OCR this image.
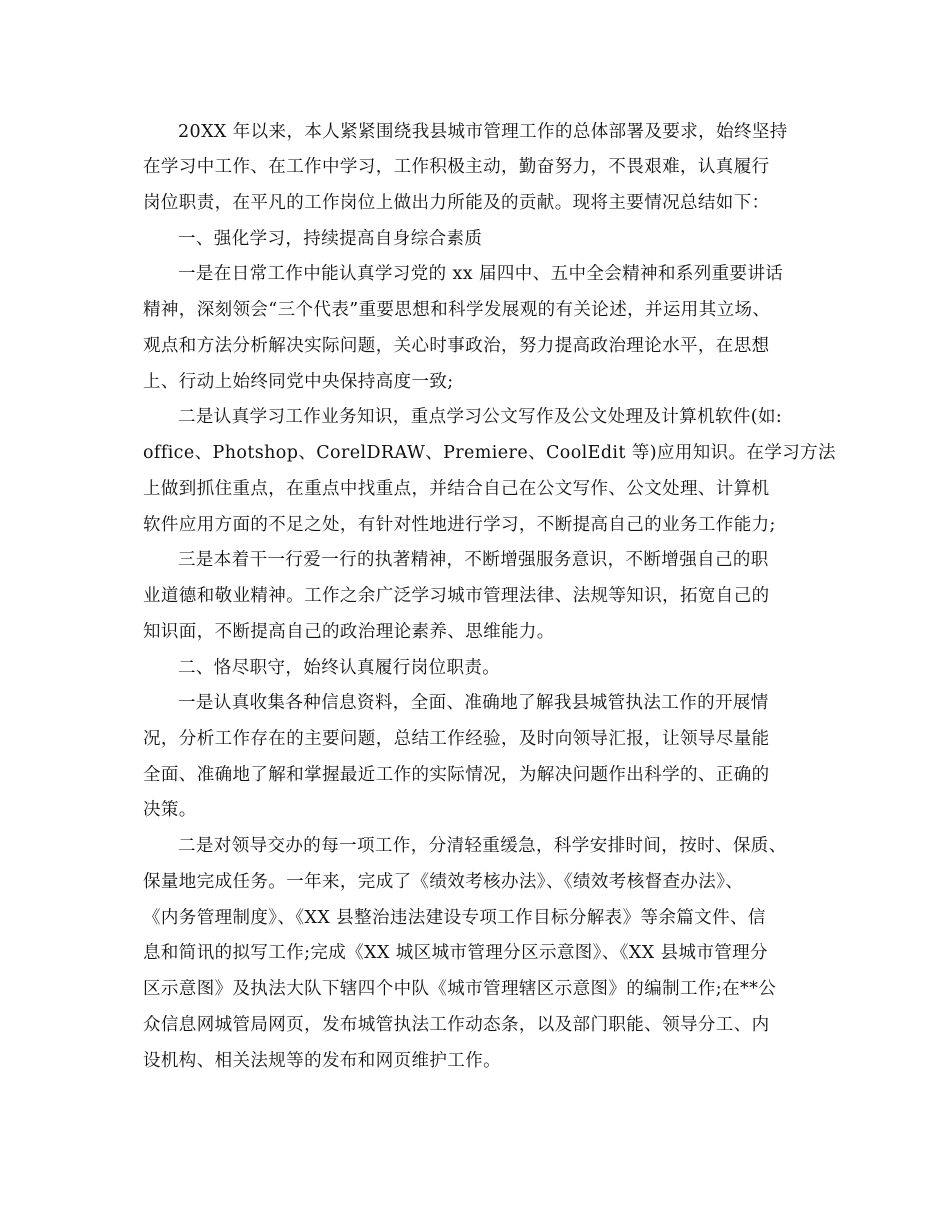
20XX 年以来，本人紧紧围绕我县城市管理工作的总体部署及要求，始终坚持
在学习中工作、在工作中学习，工作积极主动，勤奋努力，不畏艰难，认真履行
岗位职责，在平凡的工作岗位上做出力所能及的贡献。现将主要情况总结如下：
一、强化学习，持续提高自身综合素质
一是在日常工作中能认真学习党的 xx 届四中、五中全会精神和系列重要讲话
精神，深刻领会“三个代表”重要思想和科学发展观的有关论述，并运用其立场、
观点和方法分析解决实际问题，关心时事政治，努力提高政治理论水平，在思想
上、行动上始终同党中央保持高度一致;
二是认真学习工作业务知识，重点学习公文写作及公文处理及计算机软件(如:
office、Photshop、CorelDRAW、Premiere、CoolEdit 等)应用知识。在学习方法
上做到抓住重点，在重点中找重点，并结合自己在公文写作、公文处理、计算机
软件应用方面的不足之处，有针对性地进行学习，不断提高自己的业务工作能力;
三是本着干一行爱一行的执著精神，不断增强服务意识，不断增强自己的职
业道德和敬业精神。工作之余广泛学习城市管理法律、法规等知识，拓宽自己的
知识面，不断提高自己的政治理论素养、思维能力。
二、恪尽职守，始终认真履行岗位职责。
一是认真收集各种信息资料，全面、准确地了解我县城管执法工作的开展情
况，分析工作存在的主要问题，总结工作经验，及时向领导汇报，让领导尽量能
全面、准确地了解和掌握最近工作的实际情况，为解决问题作出科学的、正确的
决策。
二是对领导交办的每一项工作，分清轻重缓急，科学安排时间，按时、保质、
保量地完成任务。一年来，完成了《绩效考核办法》、《绩效考核督查办法》、
《内务管理制度》、《XX 县整治违法建设专项工作目标分解表》等余篇文件、信
息和简讯的拟写工作;完成《XX 城区城市管理分区示意图》、《XX 县城市管理分
区示意图》及执法大队下辖四个中队《城市管理辖区示意图》的编制工作;在**公
众信息网城管局网页，发布城管执法工作动态条，以及部门职能、领导分工、内
设机构、相关法规等的发布和网页维护工作。
